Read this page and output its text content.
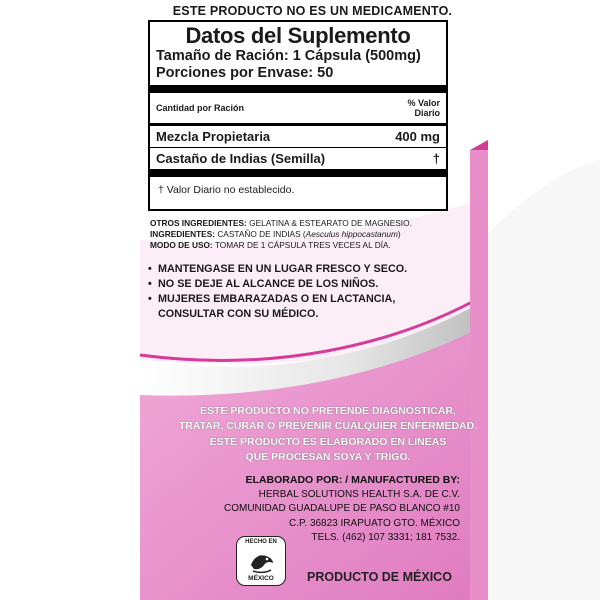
ESTE PRODUCTO NO ES UN MEDICAMENTO.
Datos del Suplemento
Tamaño de Ración: 1 Cápsula (500mg)
Porciones por Envase: 50
Cantidad por Ración	% Valor
Diario
Mezcla Propietaria	400 mg
Castaño de Indias (Semilla)	†
† Valor Diario no establecido.
OTROS INGREDIENTES: GELATINA & ESTEARATO DE MAGNESIO.
INGREDIENTES: CASTAÑO DE INDIAS (Aesculus hippocastanum)
MODO DE USO: TOMAR DE 1 CÁPSULA TRES VECES AL DÍA.
• MANTENGASE EN UN LUGAR FRESCO Y SECO.
• NO SE DEJE AL ALCANCE DE LOS NIÑOS.
• MUJERES EMBARAZADAS O EN LACTANCIA,
CONSULTAR CON SU MÉDICO.
ESTE PRODUCTO NO PRETENDE DIAGNOSTICAR,
TRATAR, CURAR O PREVENIR CUALQUIER ENFERMEDAD.
ESTE PRODUCTO ES ELABORADO EN LINEAS
QUE PROCESAN SOYA Y TRIGO.
ELABORADO POR: / MANUFACTURED BY:
HERBAL SOLUTIONS HEALTH S.A. DE C.V.
COMUNIDAD GUADALUPE DE PASO BLANCO #10
C.P. 36823 IRAPUATO GTO. MÉXICO
TELS. (462) 107 3331; 181 7532.
HECHO EN
MÉXICO	PRODUCTO DE MÉXICO
